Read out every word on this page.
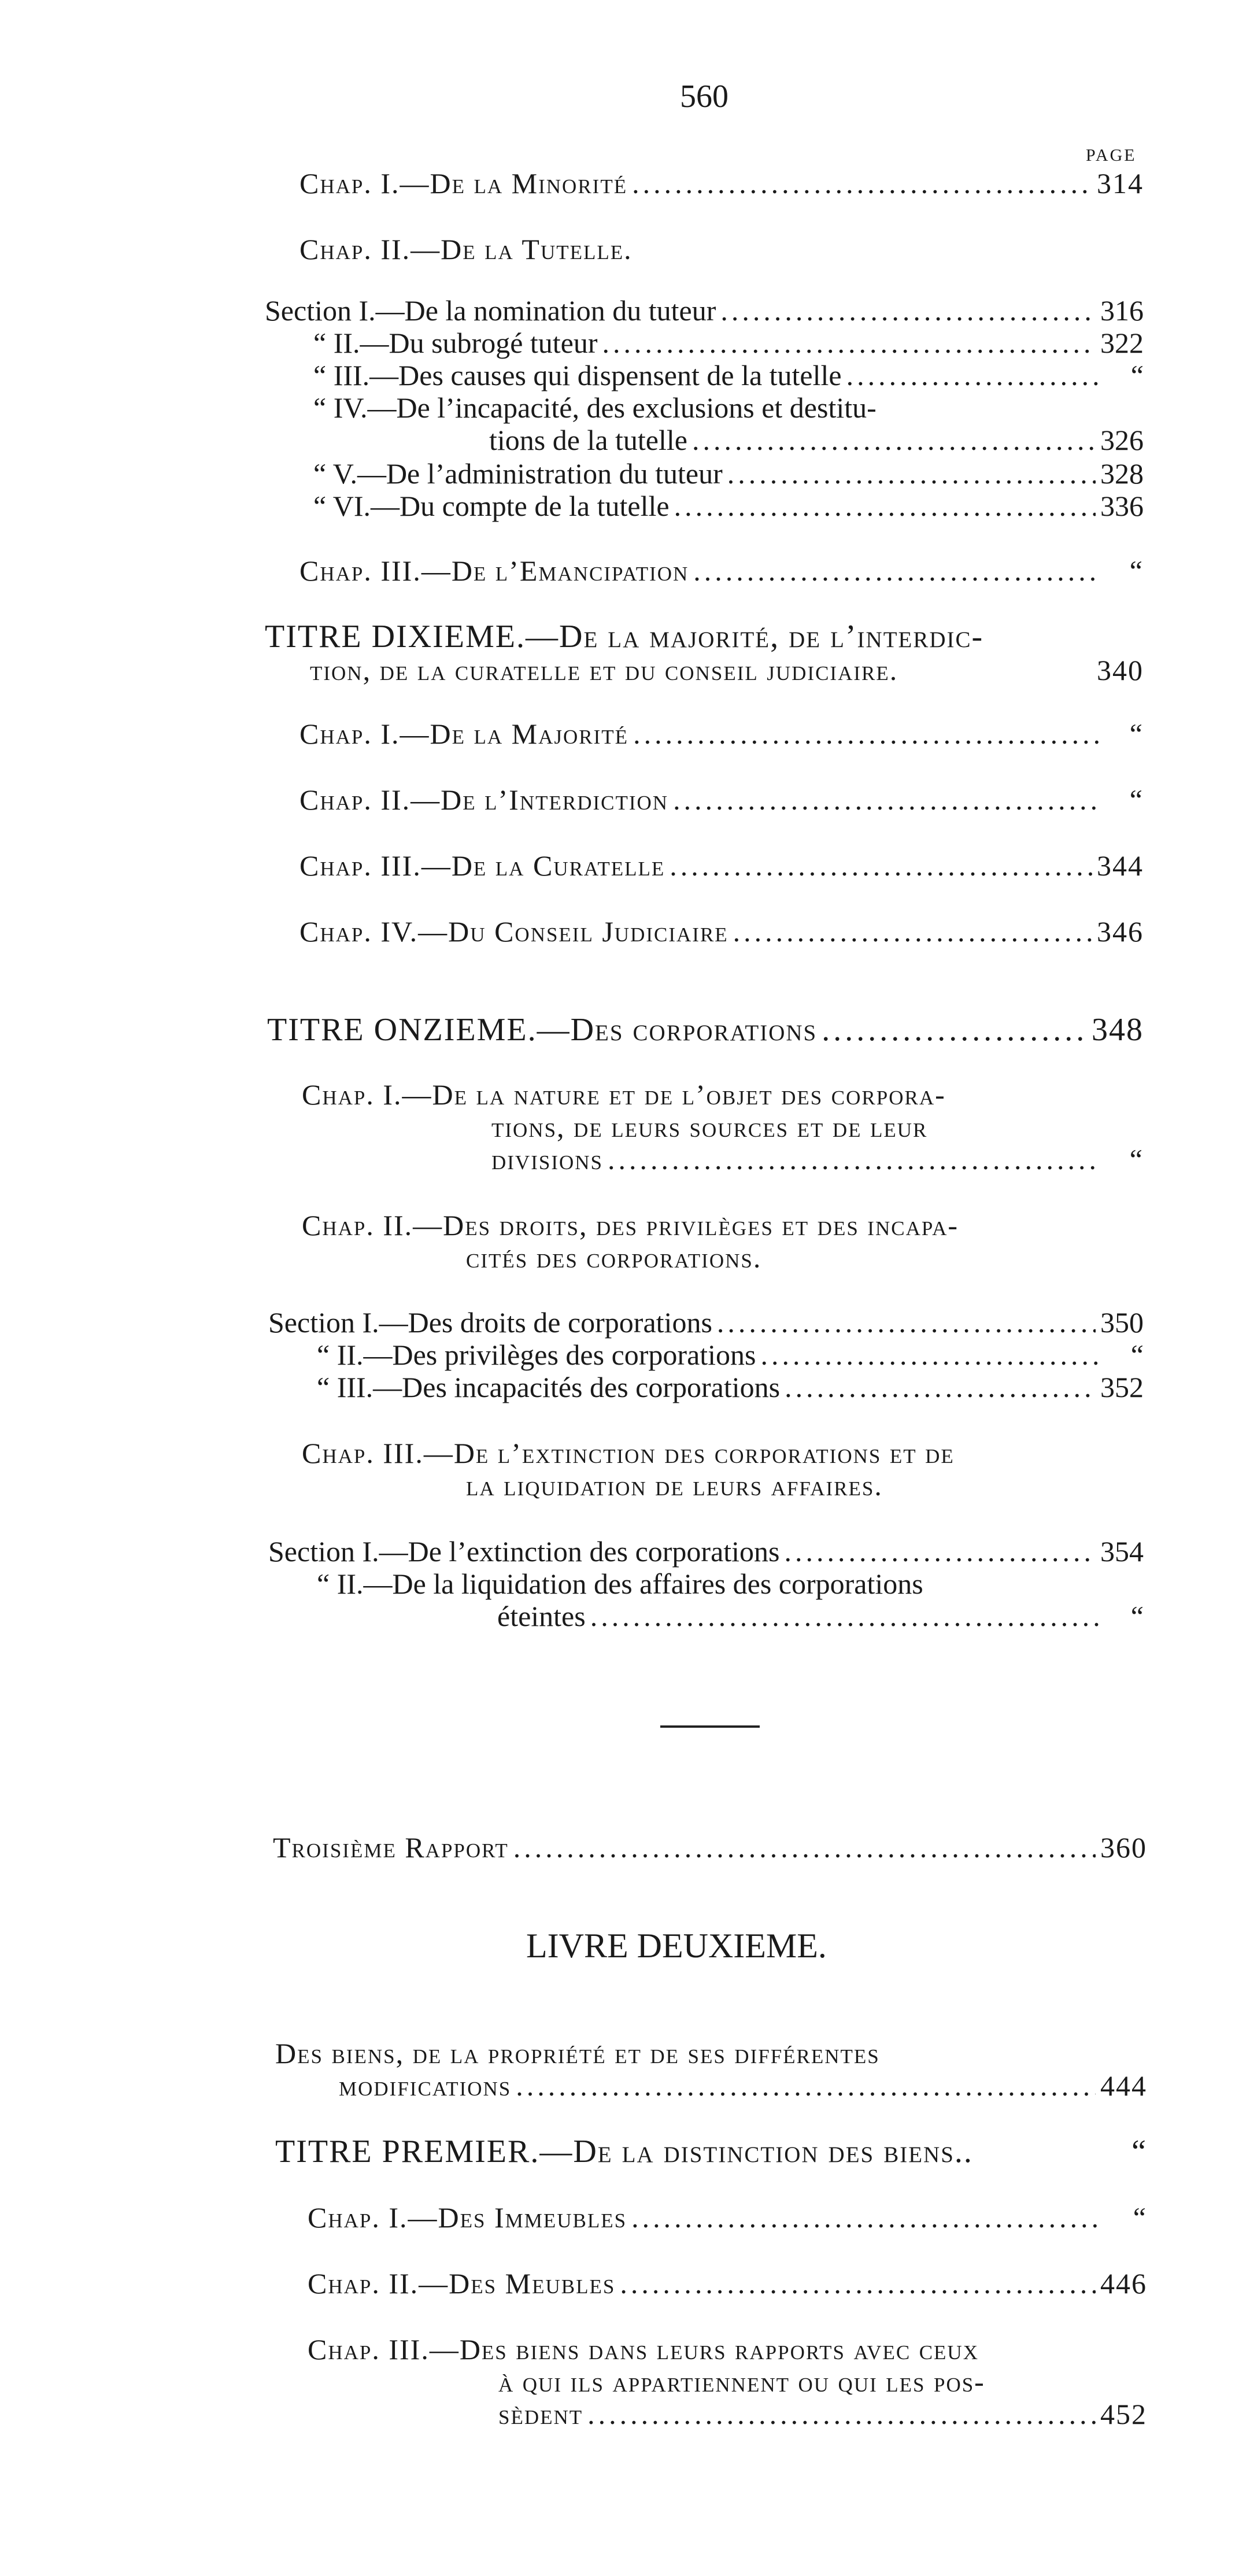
560
PAGE
Chap. I.—De la Minorité .....	314
Chap. II.—De la Tutelle.
Section I.—De la nomination du tuteur .....	316
“ II.—Du subrogé tuteur .....	322
“ III.—Des causes qui dispensent de la tutelle .....	“
“ IV.—De l’incapacité, des exclusions et destitu-
tions de la tutelle .....	326
“ V.—De l’administration du tuteur .....	328
“ VI.—Du compte de la tutelle .....	336
Chap. III.—De l’Emancipation .....	“
TITRE DIXIEME.—De la majorité, de l’interdic-
tion, de la curatelle et du conseil judiciaire.	340
Chap. I.—De la Majorité .....	“
Chap. II.—De l’Interdiction .....	“
Chap. III.—De la Curatelle .....	344
Chap. IV.—Du Conseil Judiciaire .....	346
TITRE ONZIEME.—Des corporations .....	348
Chap. I.—De la nature et de l’objet des corpora-
tions, de leurs sources et de leur
divisions .....	“
Chap. II.—Des droits, des privilèges et des incapa-
cités des corporations.
Section I.—Des droits de corporations .....	350
“ II.—Des privilèges des corporations .....	“
“ III.—Des incapacités des corporations .....	352
Chap. III.—De l’extinction des corporations et de
la liquidation de leurs affaires.
Section I.—De l’extinction des corporations .....	354
“ II.—De la liquidation des affaires des corporations
éteintes .....	“
Troisième Rapport .....	360
LIVRE DEUXIEME.
Des biens, de la propriété et de ses différentes
modifications .....	444
TITRE PREMIER.—De la distinction des biens..	“
Chap. I.—Des Immeubles .....	“
Chap. II.—Des Meubles .....	446
Chap. III.—Des biens dans leurs rapports avec ceux
à qui ils appartiennent ou qui les pos-
sèdent .....	452
